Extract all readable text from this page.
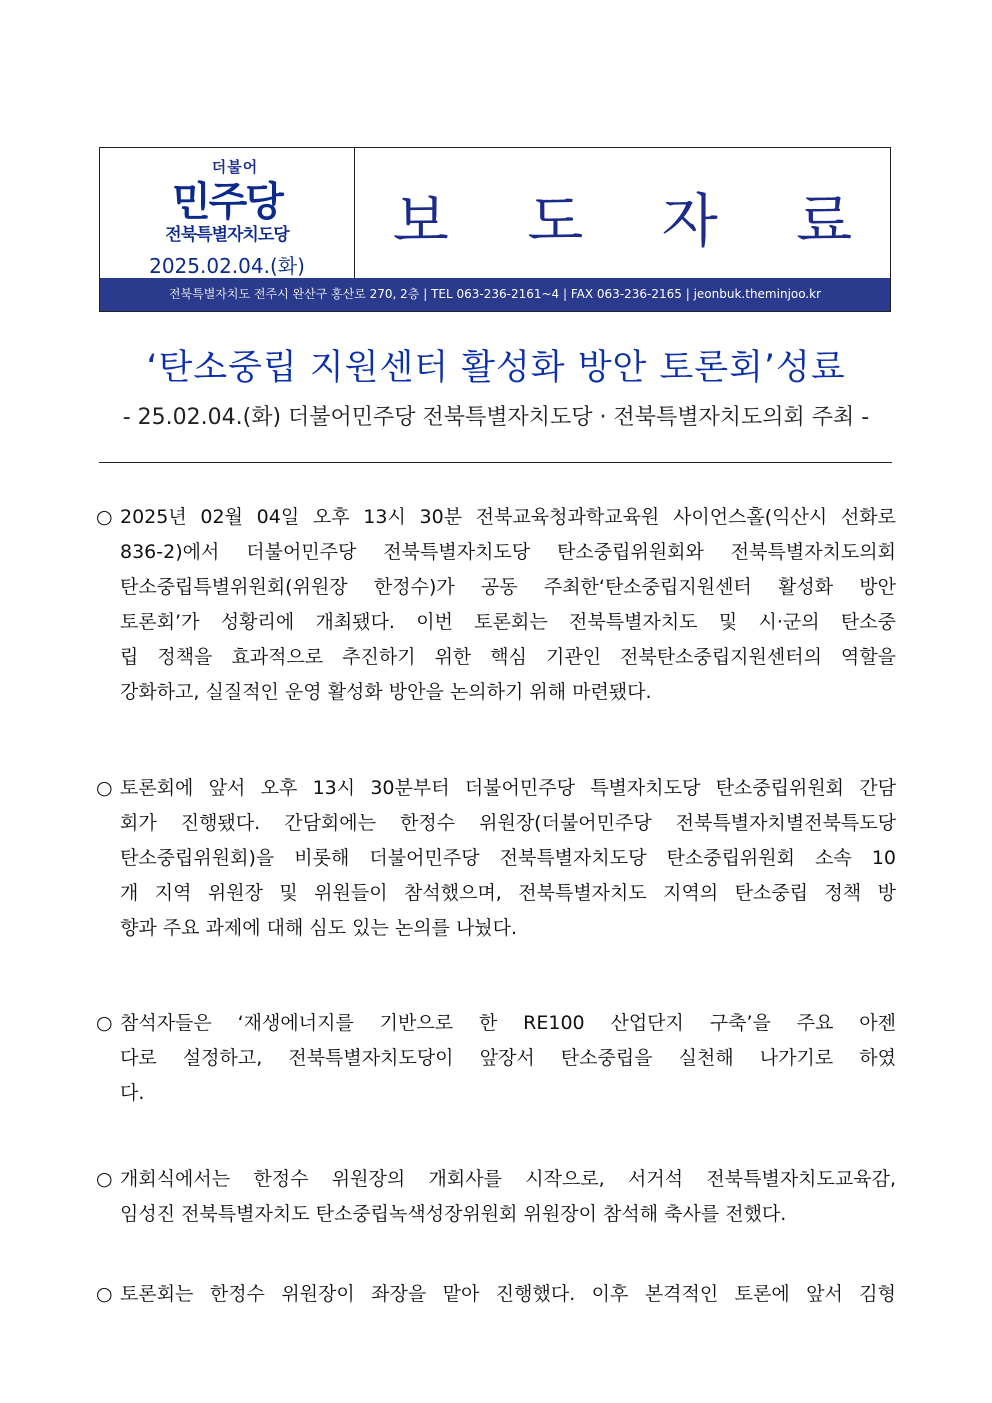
더불어
민주당
전북특별자치도당
2025.02.04.(화)
보 도 자 료
전북특별자치도 전주시 완산구 홍산로 270, 2층 | TEL 063-236-2161~4 | FAX 063-236-2165 | jeonbuk.theminjoo.kr
‘탄소중립 지원센터 활성화 방안 토론회’성료
- 25.02.04.(화) 더불어민주당 전북특별자치도당 · 전북특별자치도의회 주최 -
○ 2025년 02월 04일 오후 13시 30분 전북교육청과학교육원 사이언스홀(익산시 선화로
836-2)에서 더불어민주당 전북특별자치도당 탄소중립위원회와 전북특별자치도의회
탄소중립특별위원회(위원장 한정수)가 공동 주최한‘탄소중립지원센터 활성화 방안
토론회’가 성황리에 개최됐다. 이번 토론회는 전북특별자치도 및 시·군의 탄소중
립 정책을 효과적으로 추진하기 위한 핵심 기관인 전북탄소중립지원센터의 역할을
강화하고, 실질적인 운영 활성화 방안을 논의하기 위해 마련됐다.
○ 토론회에 앞서 오후 13시 30분부터 더불어민주당 특별자치도당 탄소중립위원회 간담
회가 진행됐다. 간담회에는 한정수 위원장(더불어민주당 전북특별자치별전북특도당
탄소중립위원회)을 비롯해 더불어민주당 전북특별자치도당 탄소중립위원회 소속 10
개 지역 위원장 및 위원들이 참석했으며, 전북특별자치도 지역의 탄소중립 정책 방
향과 주요 과제에 대해 심도 있는 논의를 나눴다.
○ 참석자들은 ‘재생에너지를 기반으로 한 RE100 산업단지 구축’을 주요 아젠
다로 설정하고, 전북특별자치도당이 앞장서 탄소중립을 실천해 나가기로 하였
다.
○ 개회식에서는 한정수 위원장의 개회사를 시작으로, 서거석 전북특별자치도교육감,
임성진 전북특별자치도 탄소중립녹색성장위원회 위원장이 참석해 축사를 전했다.
○ 토론회는 한정수 위원장이 좌장을 맡아 진행했다. 이후 본격적인 토론에 앞서 김형
